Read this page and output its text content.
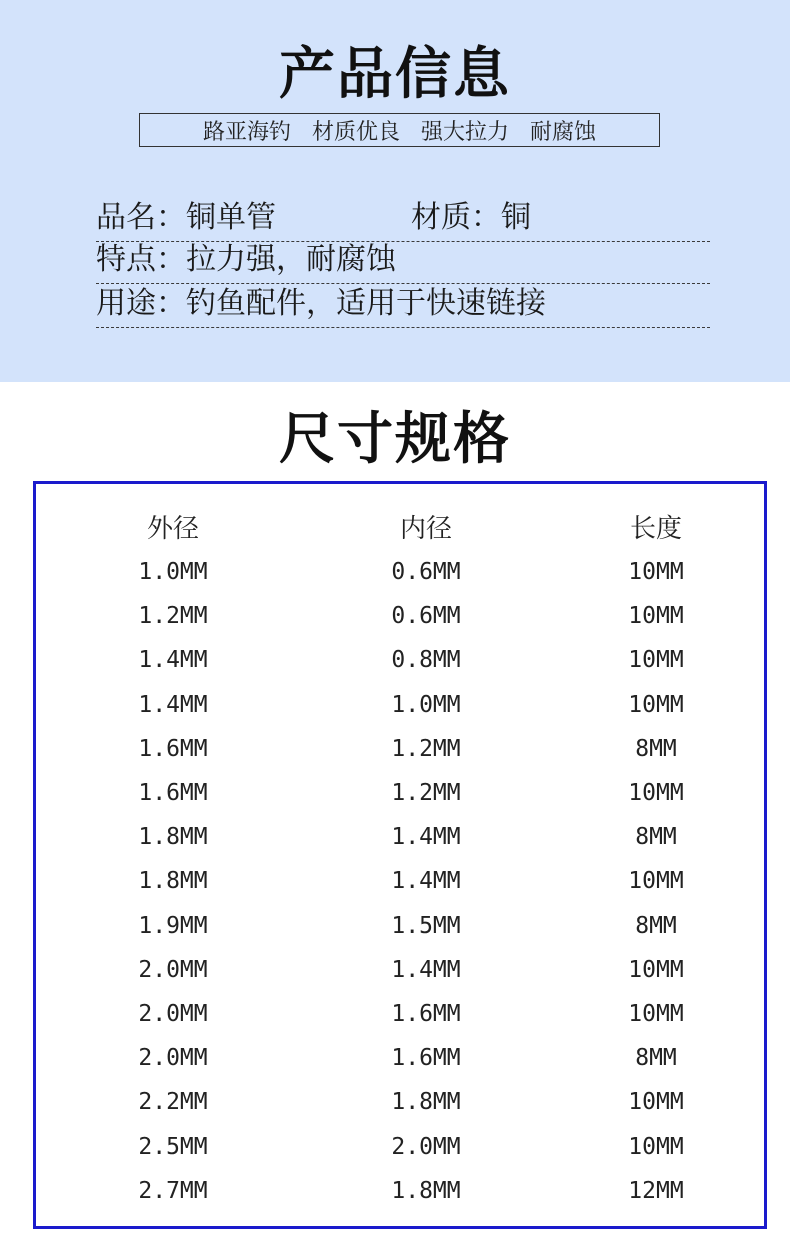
产品信息
路亚海钓   材质优良   强大拉力   耐腐蚀
品名：铜单管	材质：铜
特点：拉力强，耐腐蚀
用途：钓鱼配件，适用于快速链接
尺寸规格
外径	内径	长度
1.0MM	0.6MM	10MM
1.2MM	0.6MM	10MM
1.4MM	0.8MM	10MM
1.4MM	1.0MM	10MM
1.6MM	1.2MM	8MM
1.6MM	1.2MM	10MM
1.8MM	1.4MM	8MM
1.8MM	1.4MM	10MM
1.9MM	1.5MM	8MM
2.0MM	1.4MM	10MM
2.0MM	1.6MM	10MM
2.0MM	1.6MM	8MM
2.2MM	1.8MM	10MM
2.5MM	2.0MM	10MM
2.7MM	1.8MM	12MM
